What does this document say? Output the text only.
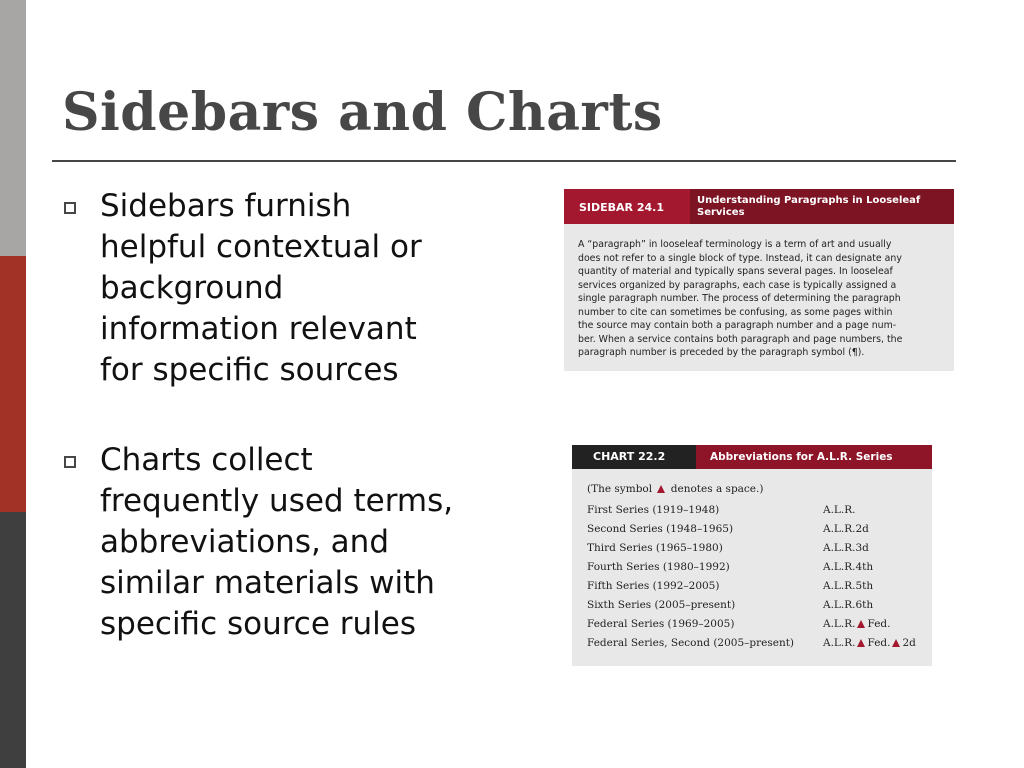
Sidebars and Charts
Sidebars furnish
helpful contextual or
background
information relevant
for specific sources
Charts collect
frequently used terms,
abbreviations, and
similar materials with
specific source rules
SIDEBAR 24.1
Understanding Paragraphs in Looseleaf Services
A “paragraph” in looseleaf terminology is a term of art and usually
does not refer to a single block of type. Instead, it can designate any
quantity of material and typically spans several pages. In looseleaf
services organized by paragraphs, each case is typically assigned a
single paragraph number. The process of determining the paragraph
number to cite can sometimes be confusing, as some pages within
the source may contain both a paragraph number and a page num-
ber. When a service contains both paragraph and page numbers, the
paragraph number is preceded by the paragraph symbol (¶).
CHART 22.2	Abbreviations for A.L.R. Series
(The symbol denotes a space.)
First Series (1919–1948)	A.L.R.
Second Series (1948–1965)	A.L.R.2d
Third Series (1965–1980)	A.L.R.3d
Fourth Series (1980–1992)	A.L.R.4th
Fifth Series (1992–2005)	A.L.R.5th
Sixth Series (2005–present)	A.L.R.6th
Federal Series (1969–2005)	A.L.R. Fed.
Federal Series, Second (2005–present)	A.L.R. Fed. 2d
